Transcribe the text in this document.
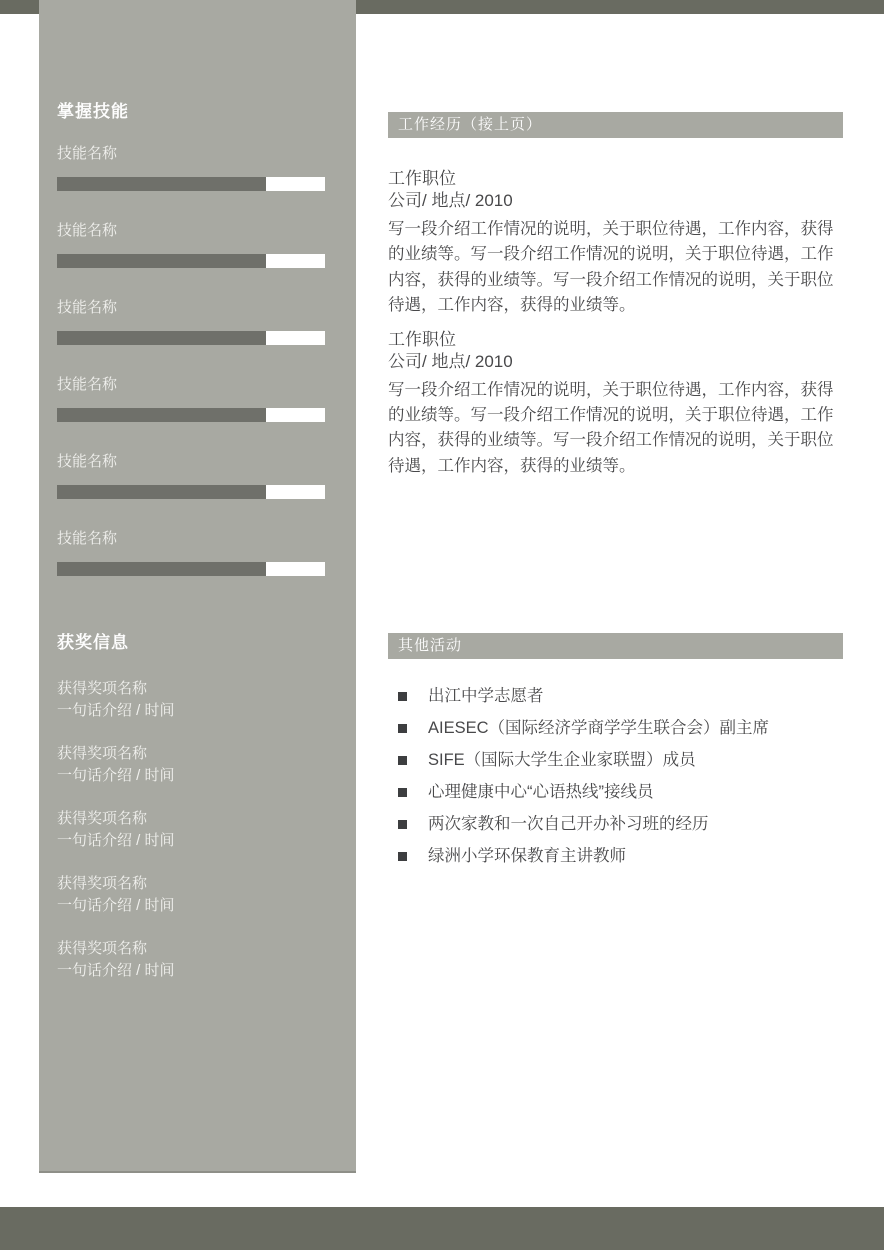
掌握技能
技能名称
技能名称
技能名称
技能名称
技能名称
技能名称
获奖信息
获得奖项名称
一句话介绍 / 时间
获得奖项名称
一句话介绍 / 时间
获得奖项名称
一句话介绍 / 时间
获得奖项名称
一句话介绍 / 时间
获得奖项名称
一句话介绍 / 时间
工作经历（接上页）
工作职位
公司/ 地点/ 2010
写一段介绍工作情况的说明，关于职位待遇，工作内容，获得的业绩等。写一段介绍工作情况的说明，关于职位待遇，工作内容，获得的业绩等。写一段介绍工作情况的说明，关于职位待遇，工作内容，获得的业绩等。
工作职位
公司/ 地点/ 2010
写一段介绍工作情况的说明，关于职位待遇，工作内容，获得的业绩等。写一段介绍工作情况的说明，关于职位待遇，工作内容，获得的业绩等。写一段介绍工作情况的说明，关于职位待遇，工作内容，获得的业绩等。
其他活动
出江中学志愿者
AIESEC（国际经济学商学学生联合会）副主席
SIFE（国际大学生企业家联盟）成员
心理健康中心“心语热线”接线员
两次家教和一次自己开办补习班的经历
绿洲小学环保教育主讲教师
